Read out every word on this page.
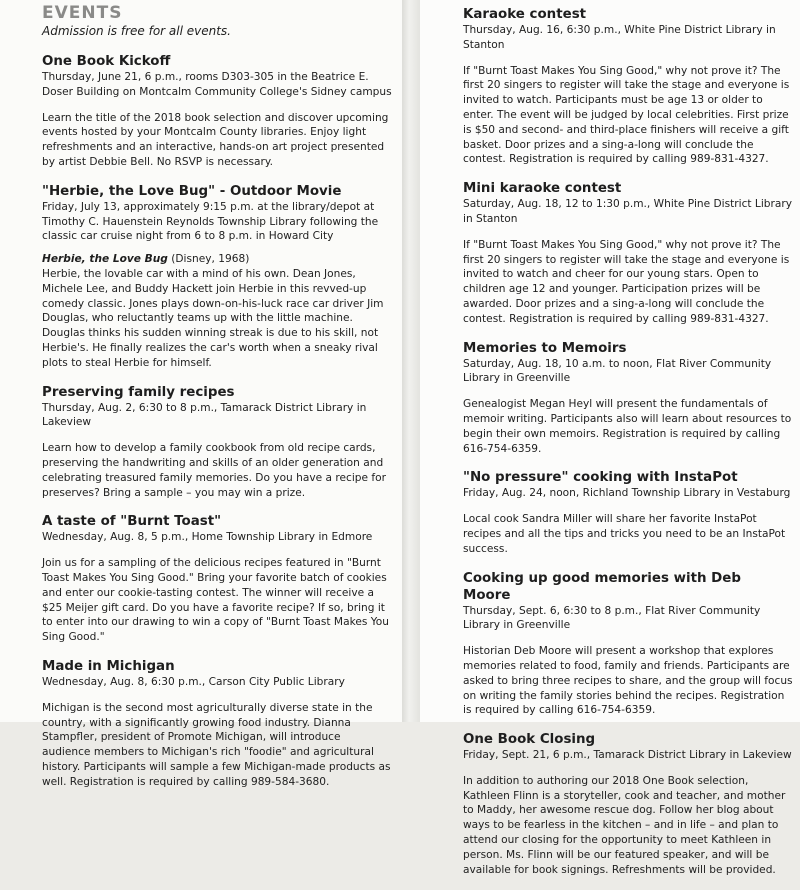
EVENTS

Admission is free for all events.

One Book Kickoff

Thursday, June 21, 6 p.m., rooms D303-305 in the Beatrice E. Doser Building on Montcalm Community College's Sidney campus

Learn the title of the 2018 book selection and discover upcoming events hosted by your Montcalm County libraries. Enjoy light refreshments and an interactive, hands-on art project presented by artist Debbie Bell. No RSVP is necessary.

"Herbie, the Love Bug" - Outdoor Movie

Friday, July 13, approximately 9:15 p.m. at the library/depot at Timothy C. Hauenstein Reynolds Township Library following the classic car cruise night from 6 to 8 p.m. in Howard City

Herbie, the Love Bug (Disney, 1968)

Herbie, the lovable car with a mind of his own. Dean Jones, Michele Lee, and Buddy Hackett join Herbie in this revved-up comedy classic. Jones plays down-on-his-luck race car driver Jim Douglas, who reluctantly teams up with the little machine. Douglas thinks his sudden winning streak is due to his skill, not Herbie's. He finally realizes the car's worth when a sneaky rival plots to steal Herbie for himself.

Preserving family recipes

Thursday, Aug. 2, 6:30 to 8 p.m., Tamarack District Library in Lakeview

Learn how to develop a family cookbook from old recipe cards, preserving the handwriting and skills of an older generation and celebrating treasured family memories. Do you have a recipe for preserves? Bring a sample – you may win a prize.

A taste of "Burnt Toast"

Wednesday, Aug. 8, 5 p.m., Home Township Library in Edmore

Join us for a sampling of the delicious recipes featured in "Burnt Toast Makes You Sing Good." Bring your favorite batch of cookies and enter our cookie-tasting contest. The winner will receive a $25 Meijer gift card. Do you have a favorite recipe? If so, bring it to enter into our drawing to win a copy of "Burnt Toast Makes You Sing Good."

Made in Michigan

Wednesday, Aug. 8, 6:30 p.m., Carson City Public Library

Michigan is the second most agriculturally diverse state in the country, with a significantly growing food industry. Dianna Stampfler, president of Promote Michigan, will introduce audience members to Michigan's rich "foodie" and agricultural history. Participants will sample a few Michigan-made products as well. Registration is required by calling 989-584-3680.

Karaoke contest

Thursday, Aug. 16, 6:30 p.m., White Pine District Library in Stanton

If "Burnt Toast Makes You Sing Good," why not prove it? The first 20 singers to register will take the stage and everyone is invited to watch. Participants must be age 13 or older to enter. The event will be judged by local celebrities. First prize is $50 and second- and third-place finishers will receive a gift basket. Door prizes and a sing-a-long will conclude the contest. Registration is required by calling 989-831-4327.

Mini karaoke contest

Saturday, Aug. 18, 12 to 1:30 p.m., White Pine District Library in Stanton

If "Burnt Toast Makes You Sing Good," why not prove it? The first 20 singers to register will take the stage and everyone is invited to watch and cheer for our young stars. Open to children age 12 and younger. Participation prizes will be awarded. Door prizes and a sing-a-long will conclude the contest. Registration is required by calling 989-831-4327.

Memories to Memoirs

Saturday, Aug. 18, 10 a.m. to noon, Flat River Community Library in Greenville

Genealogist Megan Heyl will present the fundamentals of memoir writing. Participants also will learn about resources to begin their own memoirs. Registration is required by calling 616-754-6359.

"No pressure" cooking with InstaPot

Friday, Aug. 24, noon, Richland Township Library in Vestaburg

Local cook Sandra Miller will share her favorite InstaPot recipes and all the tips and tricks you need to be an InstaPot success.

Cooking up good memories with Deb Moore

Thursday, Sept. 6, 6:30 to 8 p.m., Flat River Community Library in Greenville

Historian Deb Moore will present a workshop that explores memories related to food, family and friends. Participants are asked to bring three recipes to share, and the group will focus on writing the family stories behind the recipes. Registration is required by calling 616-754-6359.

One Book Closing

Friday, Sept. 21, 6 p.m., Tamarack District Library in Lakeview

In addition to authoring our 2018 One Book selection, Kathleen Flinn is a storyteller, cook and teacher, and mother to Maddy, her awesome rescue dog. Follow her blog about ways to be fearless in the kitchen – and in life – and plan to attend our closing for the opportunity to meet Kathleen in person. Ms. Flinn will be our featured speaker, and will be available for book signings. Refreshments will be provided.
